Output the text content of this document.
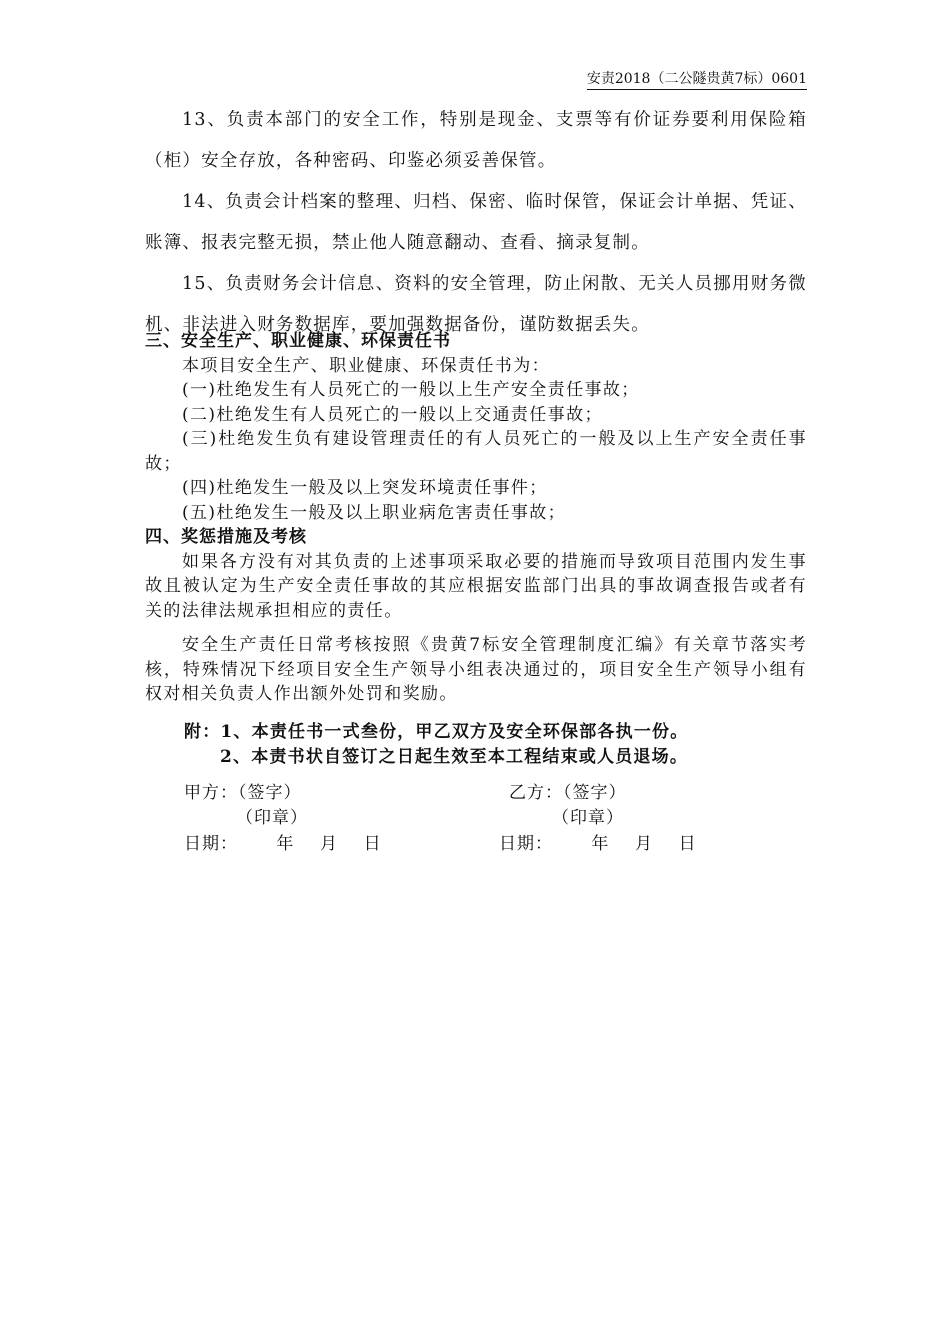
安责2018（二公隧贵黄7标）0601

13、负责本部门的安全工作，特别是现金、支票等有价证券要利用保险箱（柜）安全存放，各种密码、印鉴必须妥善保管。

14、负责会计档案的整理、归档、保密、临时保管，保证会计单据、凭证、账簿、报表完整无损，禁止他人随意翻动、查看、摘录复制。

15、负责财务会计信息、资料的安全管理，防止闲散、无关人员挪用财务微机、非法进入财务数据库，要加强数据备份，谨防数据丢失。

三、安全生产、职业健康、环保责任书

本项目安全生产、职业健康、环保责任书为：

(一)杜绝发生有人员死亡的一般以上生产安全责任事故；

(二)杜绝发生有人员死亡的一般以上交通责任事故；

(三)杜绝发生负有建设管理责任的有人员死亡的一般及以上生产安全责任事故；

(四)杜绝发生一般及以上突发环境责任事件；

(五)杜绝发生一般及以上职业病危害责任事故；

四、奖惩措施及考核

如果各方没有对其负责的上述事项采取必要的措施而导致项目范围内发生事故且被认定为生产安全责任事故的其应根据安监部门出具的事故调查报告或者有关的法律法规承担相应的责任。

安全生产责任日常考核按照《贵黄7标安全管理制度汇编》有关章节落实考核，特殊情况下经项目安全生产领导小组表决通过的，项目安全生产领导小组有权对相关负责人作出额外处罚和奖励。

附：1、本责任书一式叁份，甲乙双方及安全环保部各执一份。

2、本责书状自签订之日起生效至本工程结束或人员退场。

甲方：（签字）
（印章）
日期：      年    月    日
乙方：（签字）
（印章）
日期：      年    月    日
